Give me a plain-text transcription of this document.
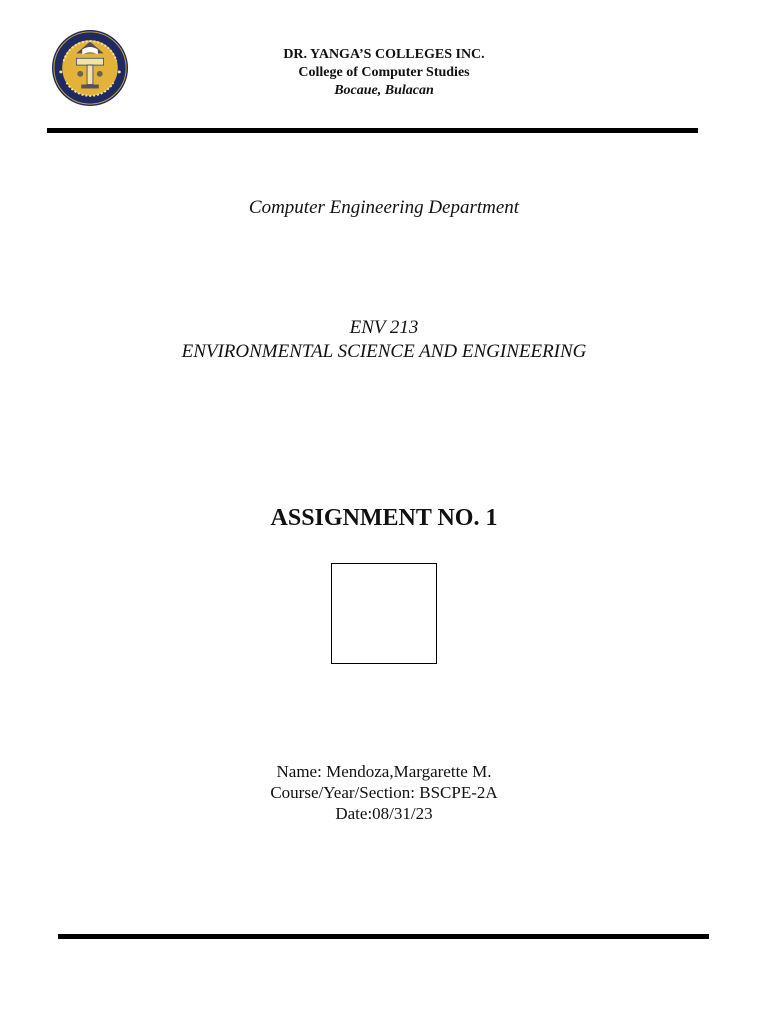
DR. YANGA’S COLLEGES INC.
College of Computer Studies
Bocaue, Bulacan
Computer Engineering Department
ENV 213
ENVIRONMENTAL SCIENCE AND ENGINEERING
ASSIGNMENT NO. 1
Name: Mendoza,Margarette M.
Course/Year/Section: BSCPE-2A
Date:08/31/23
